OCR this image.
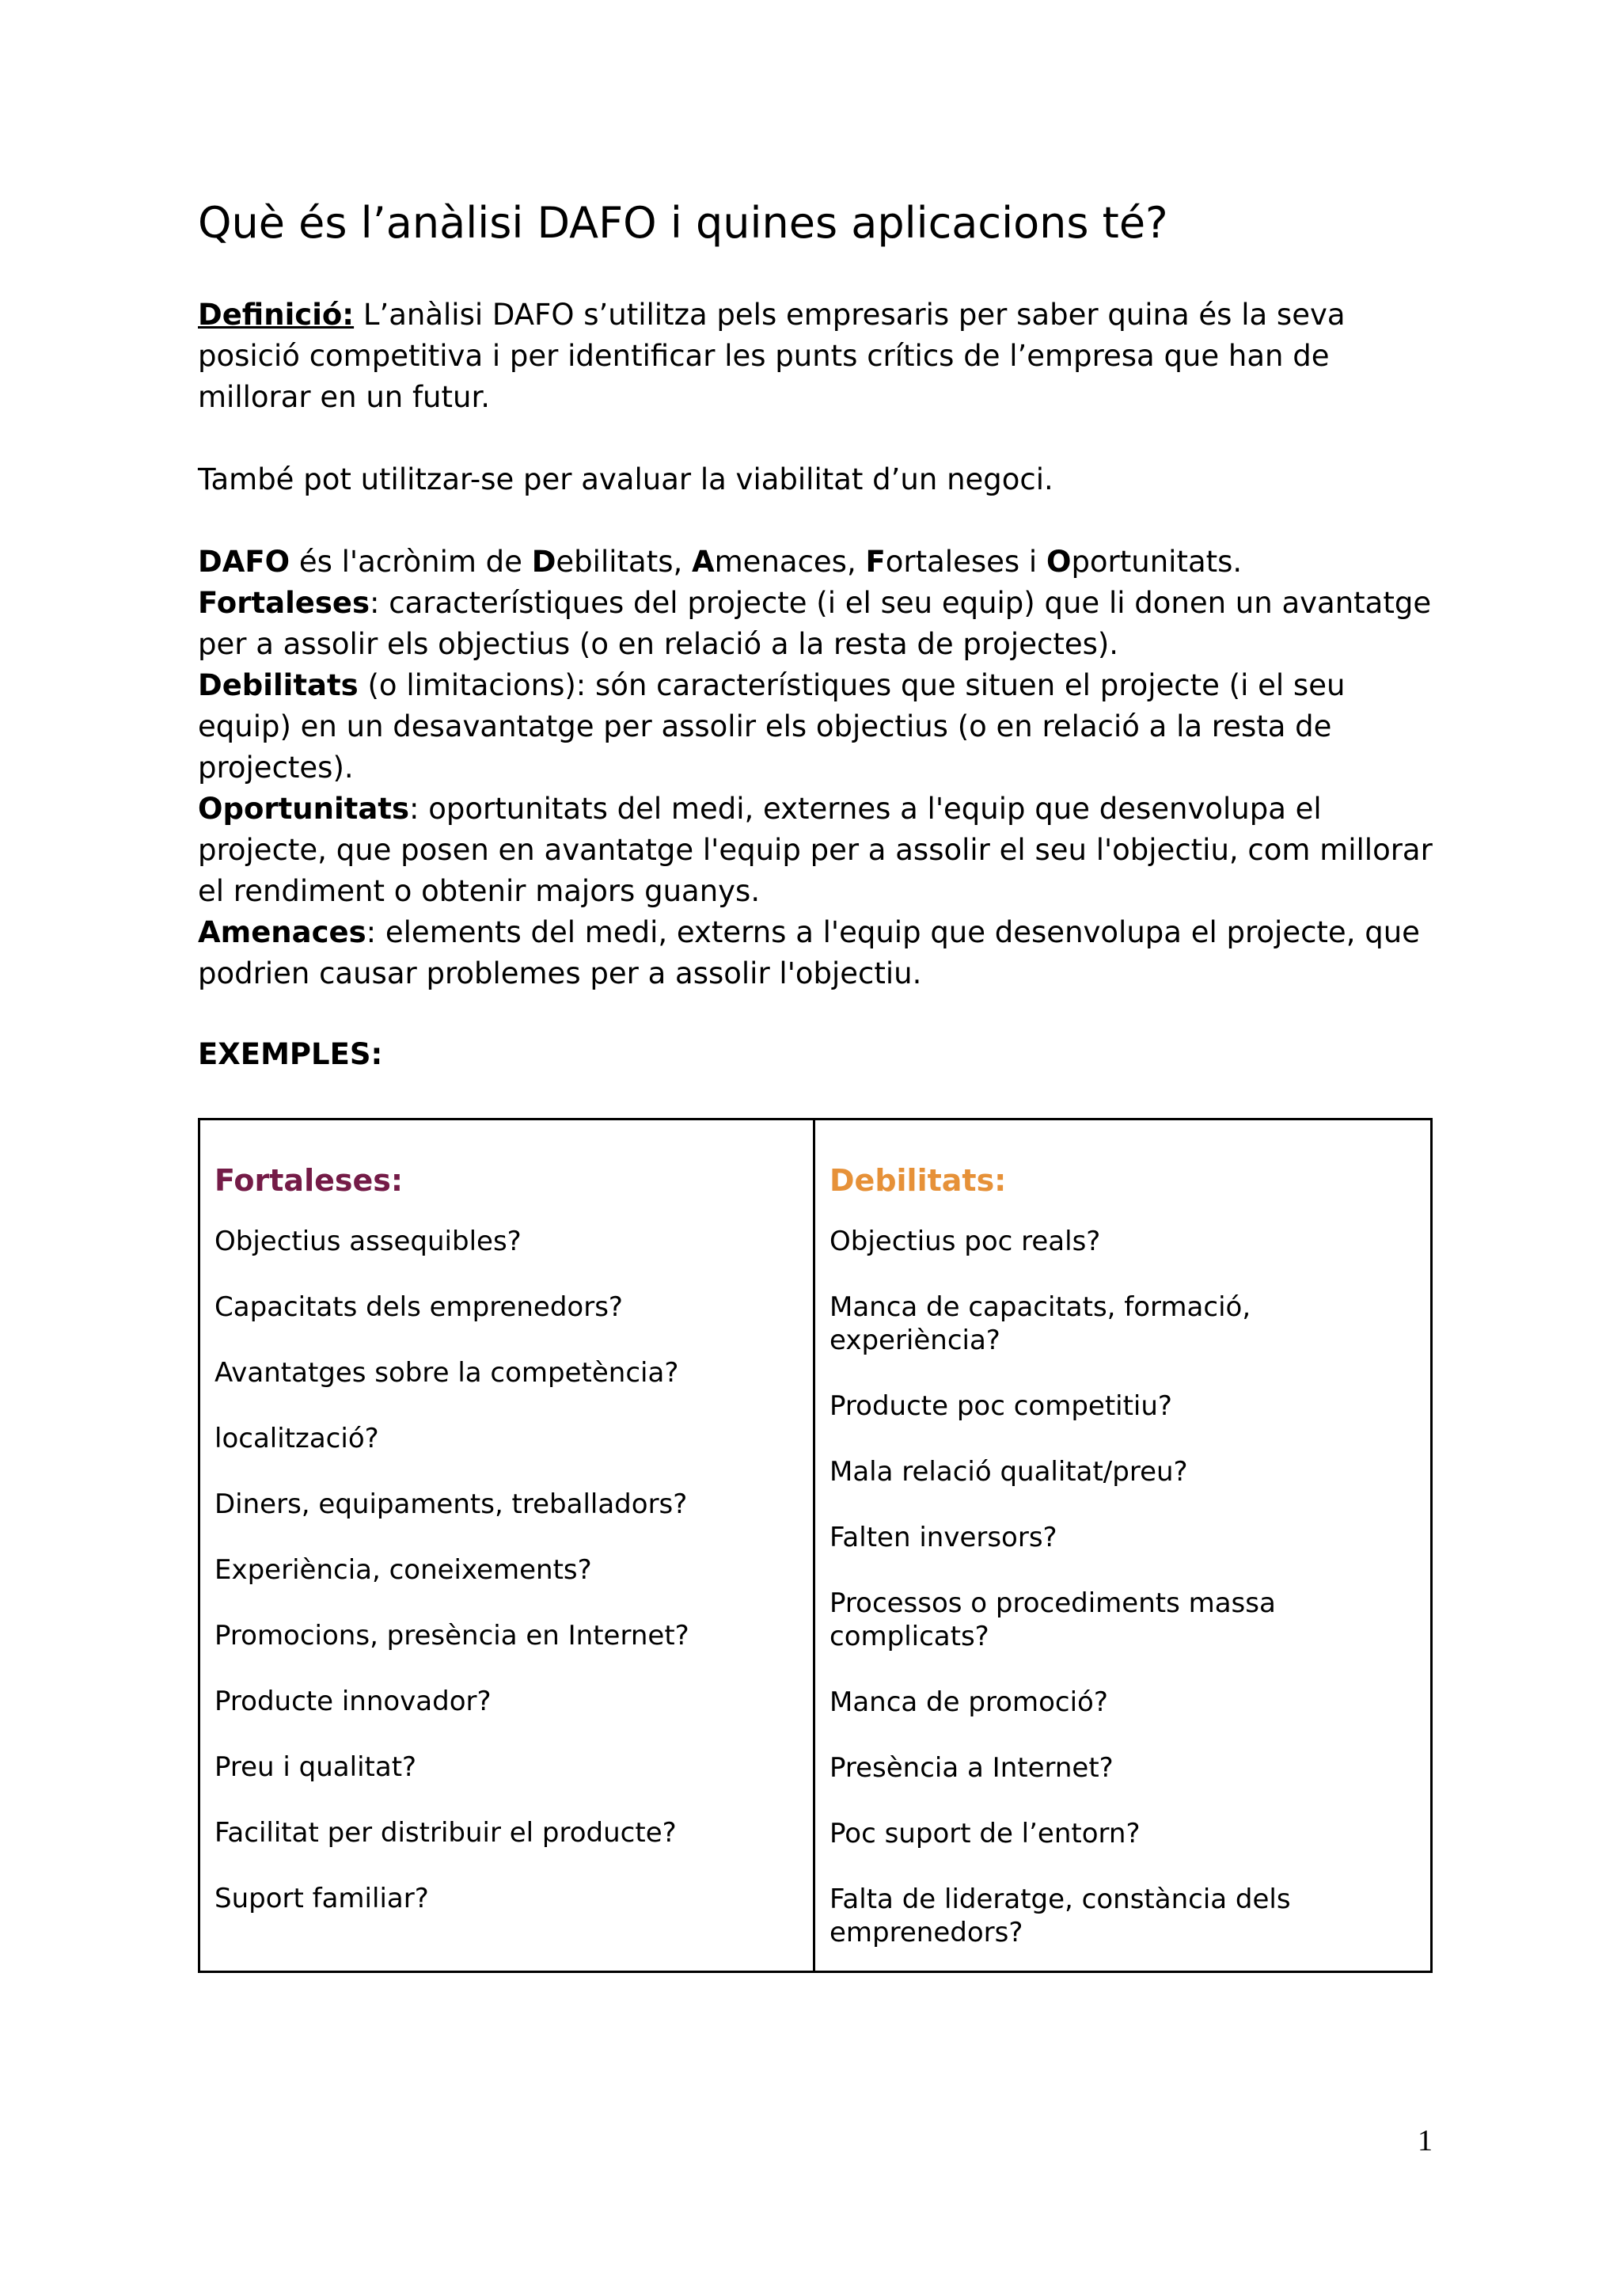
Què és l’anàlisi DAFO i quines aplicacions té?

Definició: L’anàlisi DAFO s’utilitza pels empresaris per saber quina és la seva posició competitiva i per identificar les punts crítics de l’empresa que han de millorar en un futur.

També pot utilitzar-se per avaluar la viabilitat d’un negoci.

DAFO és l'acrònim de Debilitats, Amenaces, Fortaleses i Oportunitats.
Fortaleses: característiques del projecte (i el seu equip) que li donen un avantatge per a assolir els objectius (o en relació a la resta de projectes).
Debilitats (o limitacions): són característiques que situen el projecte (i el seu equip) en un desavantatge per assolir els objectius (o en relació a la resta de projectes).
Oportunitats: oportunitats del medi, externes a l'equip que desenvolupa el projecte, que posen en avantatge l'equip per a assolir el seu l'objectiu, com millorar el rendiment o obtenir majors guanys.
Amenaces: elements del medi, externs a l'equip que desenvolupa el projecte, que podrien causar problemes per a assolir l'objectiu.

EXEMPLES:

Fortaleses:
Objectius assequibles?
Capacitats dels emprenedors?
Avantatges sobre la competència?
localització?
Diners, equipaments, treballadors?
Experiència, coneixements?
Promocions, presència en Internet?
Producte innovador?
Preu i qualitat?
Facilitat per distribuir el producte?
Suport familiar?
Debilitats:
Objectius poc reals?
Manca de capacitats, formació, experiència?
Producte poc competitiu?
Mala relació qualitat/preu?
Falten inversors?
Processos o procediments massa complicats?
Manca de promoció?
Presència a Internet?
Poc suport de l’entorn?
Falta de lideratge, constància dels emprenedors?
1
